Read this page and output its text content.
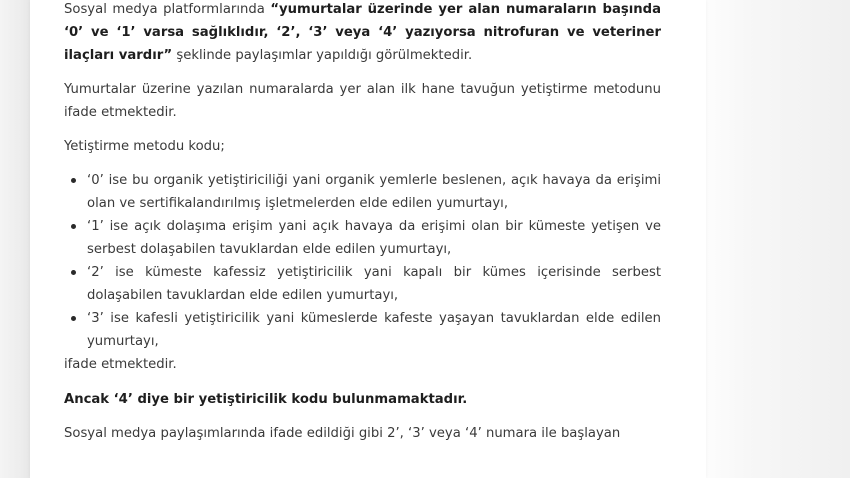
Sosyal medya platformlarında “yumurtalar üzerinde yer alan numaraların başında ‘0’ ve ‘1’ varsa sağlıklıdır, ‘2’, ‘3’ veya ‘4’ yazıyorsa nitrofuran ve veteriner ilaçları vardır” şeklinde paylaşımlar yapıldığı görülmektedir.

Yumurtalar üzerine yazılan numaralarda yer alan ilk hane tavuğun yetiştirme metodunu ifade etmektedir.

Yetiştirme metodu kodu;

‘0’ ise bu organik yetiştiriciliği yani organik yemlerle beslenen, açık havaya da erişimi olan ve sertifikalandırılmış işletmelerden elde edilen yumurtayı,
‘1’ ise açık dolaşıma erişim yani açık havaya da erişimi olan bir kümeste yetişen ve serbest dolaşabilen tavuklardan elde edilen yumurtayı,
‘2’ ise kümeste kafessiz yetiştiricilik yani kapalı bir kümes içerisinde serbest dolaşabilen tavuklardan elde edilen yumurtayı,
‘3’ ise kafesli yetiştiricilik yani kümeslerde kafeste yaşayan tavuklardan elde edilen yumurtayı,

ifade etmektedir.

Ancak ‘4’ diye bir yetiştiricilik kodu bulunmamaktadır.

Sosyal medya paylaşımlarında ifade edildiği gibi 2’, ‘3’ veya ‘4’ numara ile başlayan
